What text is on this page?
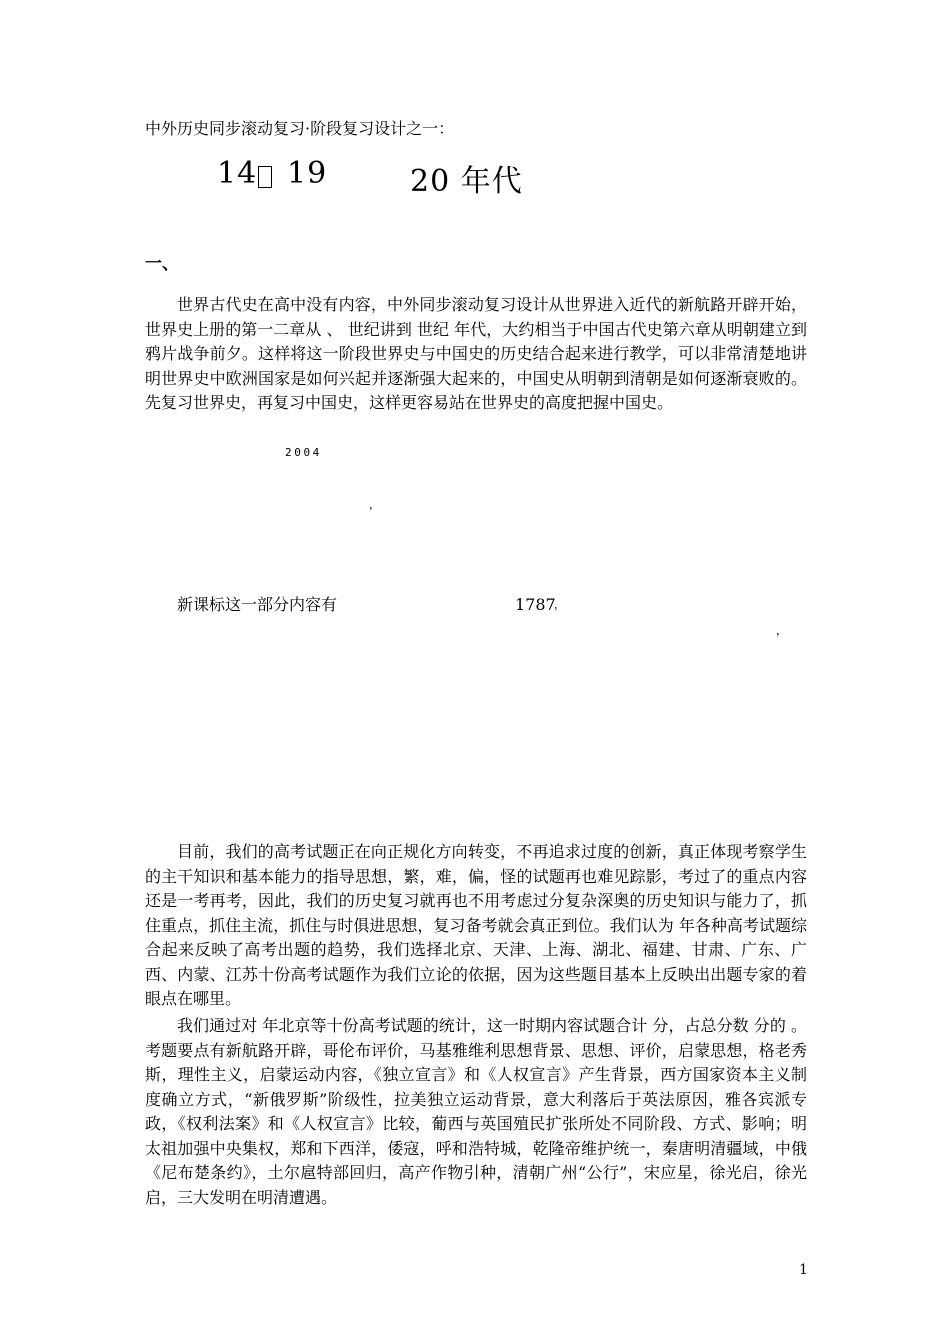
中外历史同步滚动复习·阶段复习设计之一：
14 19	20 年代
一、

世界古代史在高中没有内容，中外同步滚动复习设计从世界进入近代的新航路开辟开始，世界史上册的第一二章从 、 世纪讲到 世纪 年代，大约相当于中国古代史第六章从明朝建立到鸦片战争前夕。这样将这一阶段世界史与中国史的历史结合起来进行教学，可以非常清楚地讲明世界史中欧洲国家是如何兴起并逐渐强大起来的，中国史从明朝到清朝是如何逐渐衰败的。先复习世界史，再复习中国史，这样更容易站在世界史的高度把握中国史。

2004
，
新课标这一部分内容有	1787
，
，

目前，我们的高考试题正在向正规化方向转变，不再追求过度的创新，真正体现考察学生的主干知识和基本能力的指导思想，繁，难，偏，怪的试题再也难见踪影，考过了的重点内容还是一考再考，因此，我们的历史复习就再也不用考虑过分复杂深奥的历史知识与能力了，抓住重点，抓住主流，抓住与时俱进思想，复习备考就会真正到位。我们认为 年各种高考试题综合起来反映了高考出题的趋势，我们选择北京、天津、上海、湖北、福建、甘肃、广东、广西、内蒙、江苏十份高考试题作为我们立论的依据，因为这些题目基本上反映出出题专家的着眼点在哪里。

我们通过对 年北京等十份高考试题的统计，这一时期内容试题合计 分，占总分数 分的 。考题要点有新航路开辟，哥伦布评价，马基雅维利思想背景、思想、评价，启蒙思想，格老秀斯，理性主义，启蒙运动内容，《独立宣言》和《人权宣言》产生背景，西方国家资本主义制度确立方式，“新俄罗斯”阶级性，拉美独立运动背景，意大利落后于英法原因，雅各宾派专政，《权利法案》和《人权宣言》比较，葡西与英国殖民扩张所处不同阶段、方式、影响；明太祖加强中央集权，郑和下西洋，倭寇，呼和浩特城，乾隆帝维护统一，秦唐明清疆域，中俄《尼布楚条约》，土尔扈特部回归，高产作物引种，清朝广州“公行”，宋应星，徐光启，徐光启，三大发明在明清遭遇。

1
